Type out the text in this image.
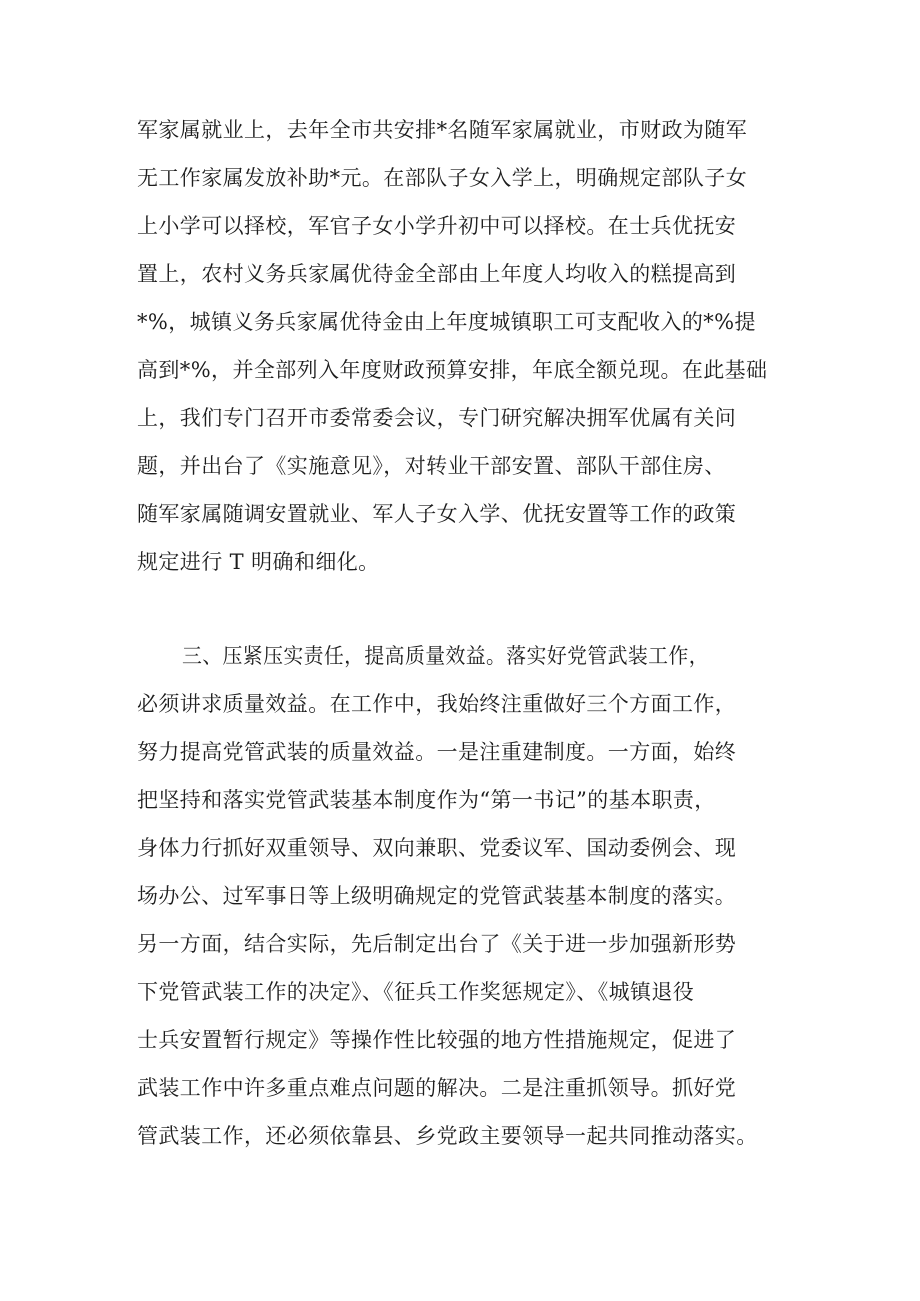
军家属就业上，去年全市共安排*名随军家属就业，市财政为随军
无工作家属发放补助*元。在部队子女入学上，明确规定部队子女
上小学可以择校，军官子女小学升初中可以择校。在士兵优抚安
置上，农村义务兵家属优待金全部由上年度人均收入的糕提高到
*%，城镇义务兵家属优待金由上年度城镇职工可支配收入的*%提
高到*%，并全部列入年度财政预算安排，年底全额兑现。在此基础
上，我们专门召开市委常委会议，专门研究解决拥军优属有关问
题，并出台了《实施意见》，对转业干部安置、部队干部住房、
随军家属随调安置就业、军人子女入学、优抚安置等工作的政策
规定进行 T 明确和细化。
三、压紧压实责任，提高质量效益。落实好党管武装工作，
必须讲求质量效益。在工作中，我始终注重做好三个方面工作，
努力提高党管武装的质量效益。一是注重建制度。一方面，始终
把坚持和落实党管武装基本制度作为“第一书记”的基本职责，
身体力行抓好双重领导、双向兼职、党委议军、国动委例会、现
场办公、过军事日等上级明确规定的党管武装基本制度的落实。
另一方面，结合实际，先后制定出台了《关于进一步加强新形势
下党管武装工作的决定》、《征兵工作奖惩规定》、《城镇退役
士兵安置暂行规定》等操作性比较强的地方性措施规定，促进了
武装工作中许多重点难点问题的解决。二是注重抓领导。抓好党
管武装工作，还必须依靠县、乡党政主要领导一起共同推动落实。
